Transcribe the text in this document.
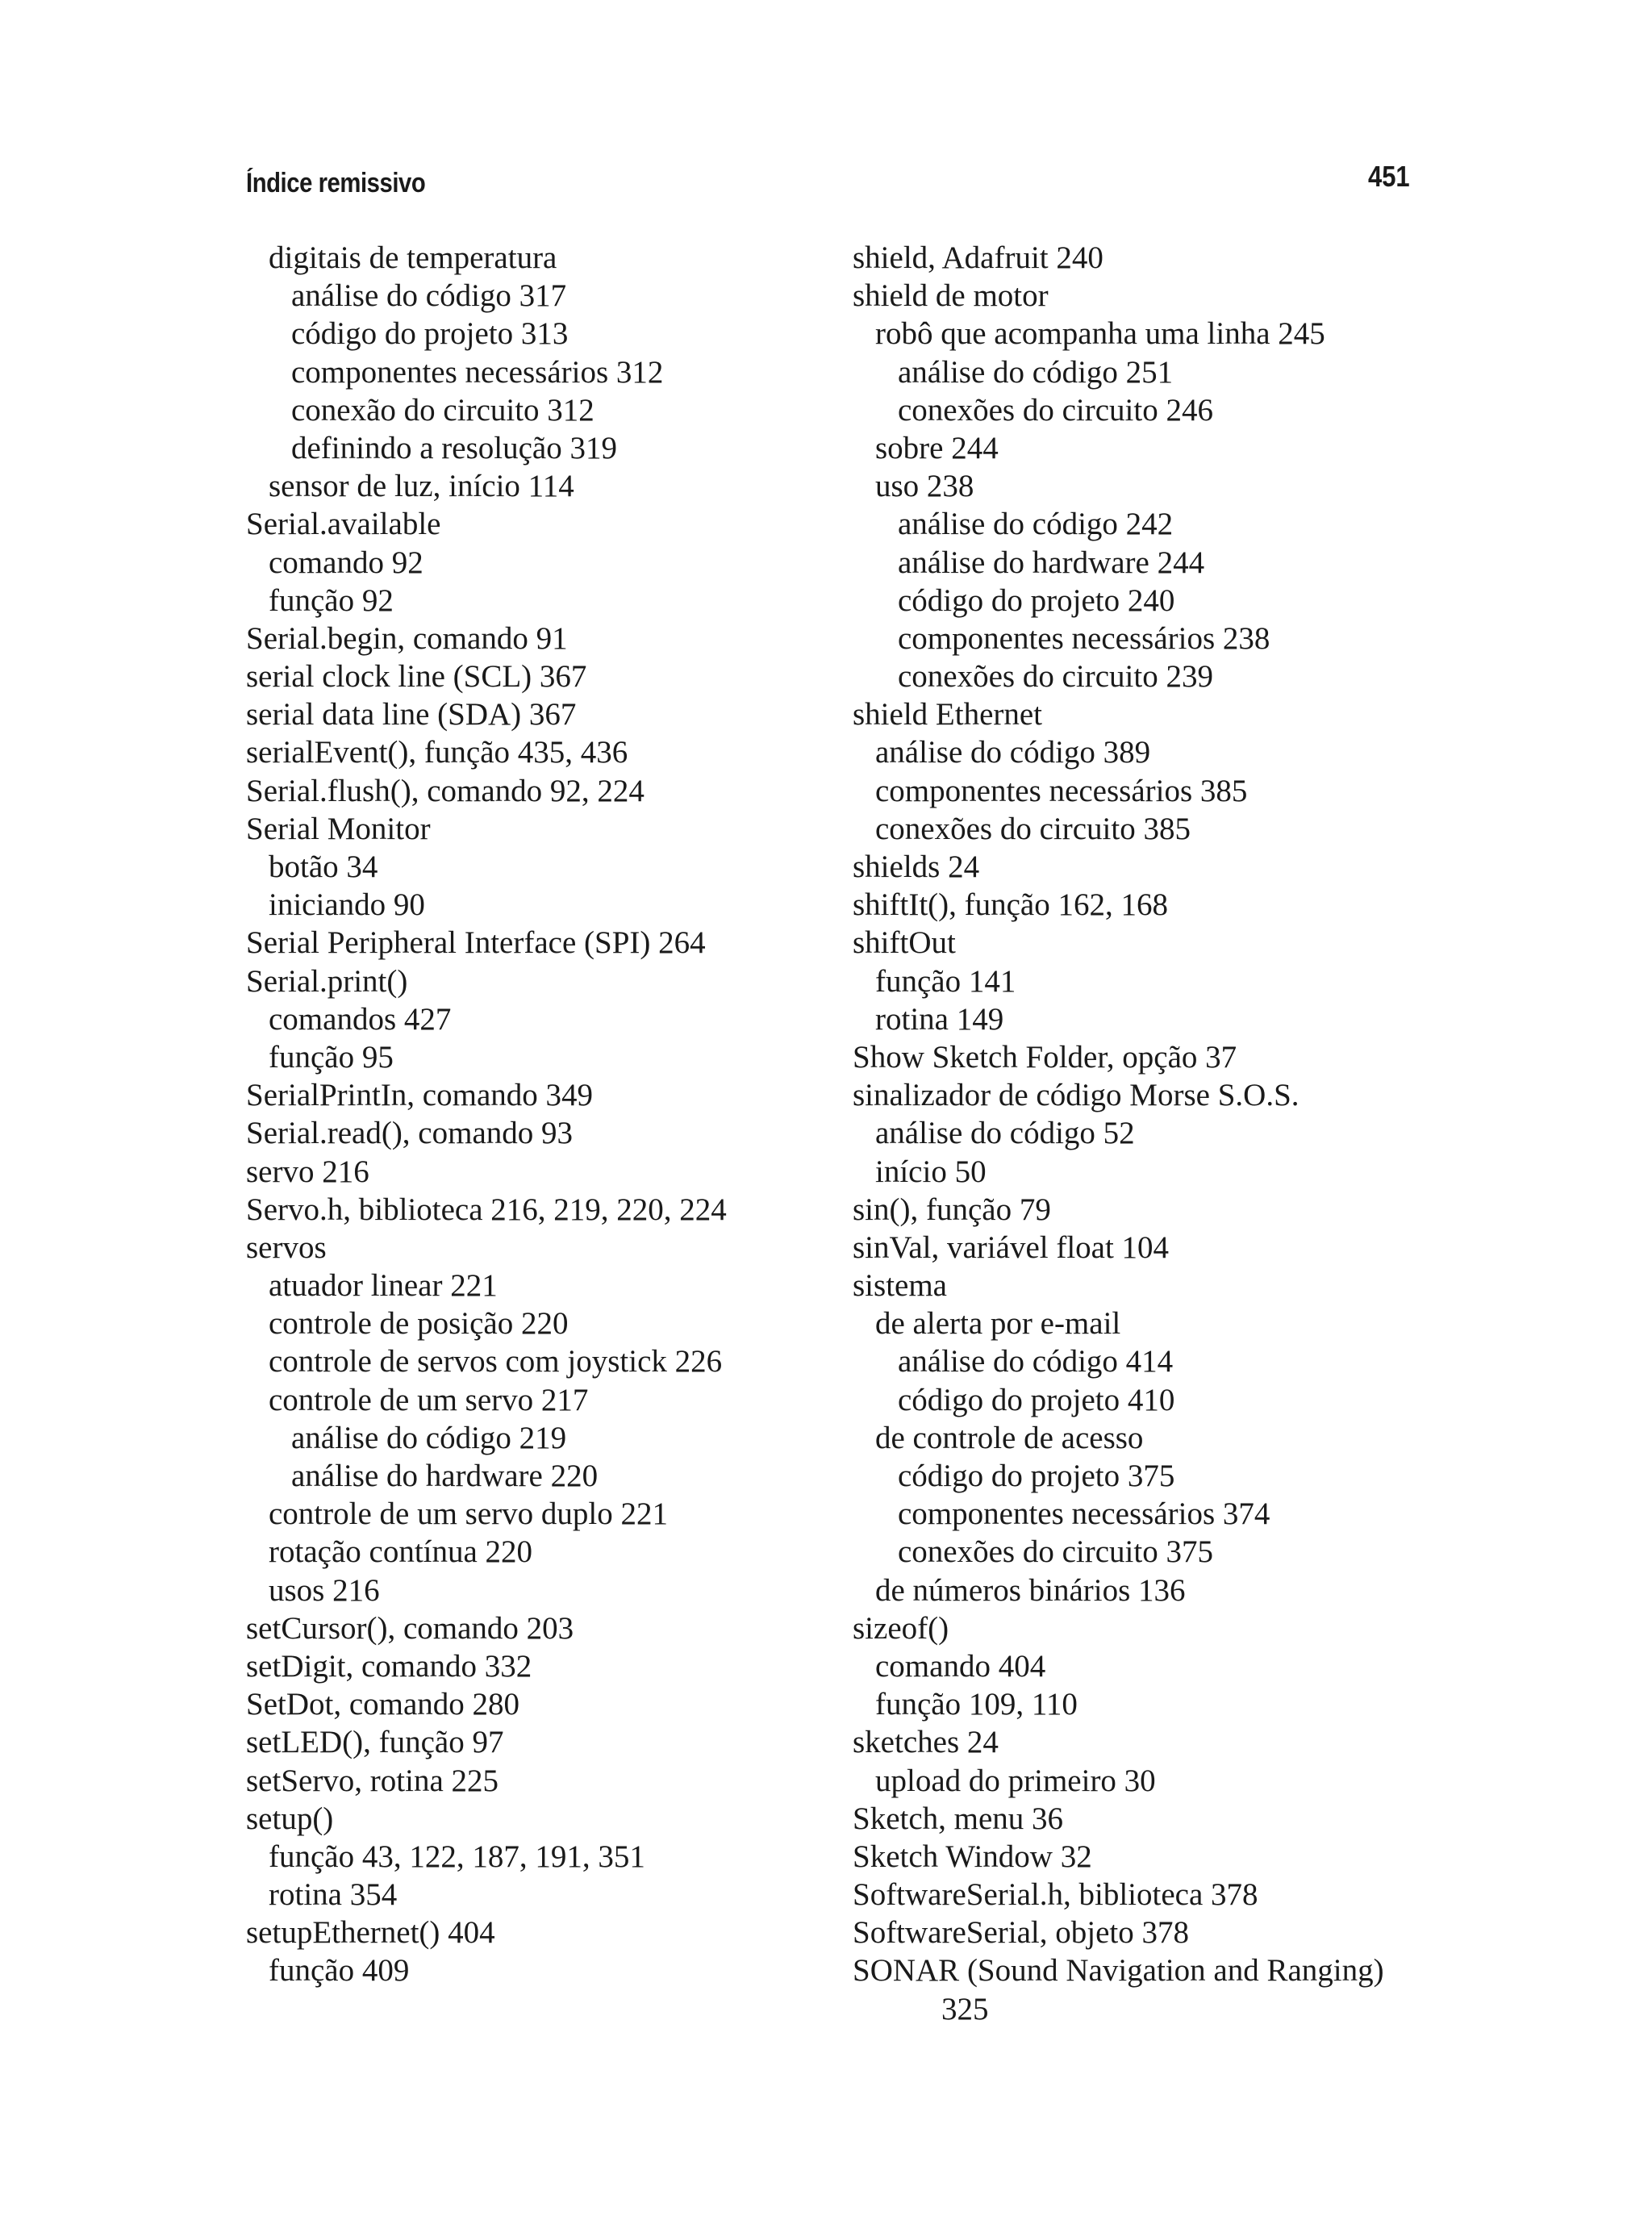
Índice remissivo	451
digitais de temperatura
análise do código 317
código do projeto 313
componentes necessários 312
conexão do circuito 312
definindo a resolução 319
sensor de luz, início 114
Serial.available
comando 92
função 92
Serial.begin, comando 91
serial clock line (SCL) 367
serial data line (SDA) 367
serialEvent(), função 435, 436
Serial.flush(), comando 92, 224
Serial Monitor
botão 34
iniciando 90
Serial Peripheral Interface (SPI) 264
Serial.print()
comandos 427
função 95
SerialPrintIn, comando 349
Serial.read(), comando 93
servo 216
Servo.h, biblioteca 216, 219, 220, 224
servos
atuador linear 221
controle de posição 220
controle de servos com joystick 226
controle de um servo 217
análise do código 219
análise do hardware 220
controle de um servo duplo 221
rotação contínua 220
usos 216
setCursor(), comando 203
setDigit, comando 332
SetDot, comando 280
setLED(), função 97
setServo, rotina 225
setup()
função 43, 122, 187, 191, 351
rotina 354
setupEthernet() 404
função 409
shield, Adafruit 240
shield de motor
robô que acompanha uma linha 245
análise do código 251
conexões do circuito 246
sobre 244
uso 238
análise do código 242
análise do hardware 244
código do projeto 240
componentes necessários 238
conexões do circuito 239
shield Ethernet
análise do código 389
componentes necessários 385
conexões do circuito 385
shields 24
shiftIt(), função 162, 168
shiftOut
função 141
rotina 149
Show Sketch Folder, opção 37
sinalizador de código Morse S.O.S.
análise do código 52
início 50
sin(), função 79
sinVal, variável float 104
sistema
de alerta por e-mail
análise do código 414
código do projeto 410
de controle de acesso
código do projeto 375
componentes necessários 374
conexões do circuito 375
de números binários 136
sizeof()
comando 404
função 109, 110
sketches 24
upload do primeiro 30
Sketch, menu 36
Sketch Window 32
SoftwareSerial.h, biblioteca 378
SoftwareSerial, objeto 378
SONAR (Sound Navigation and Ranging)
325
